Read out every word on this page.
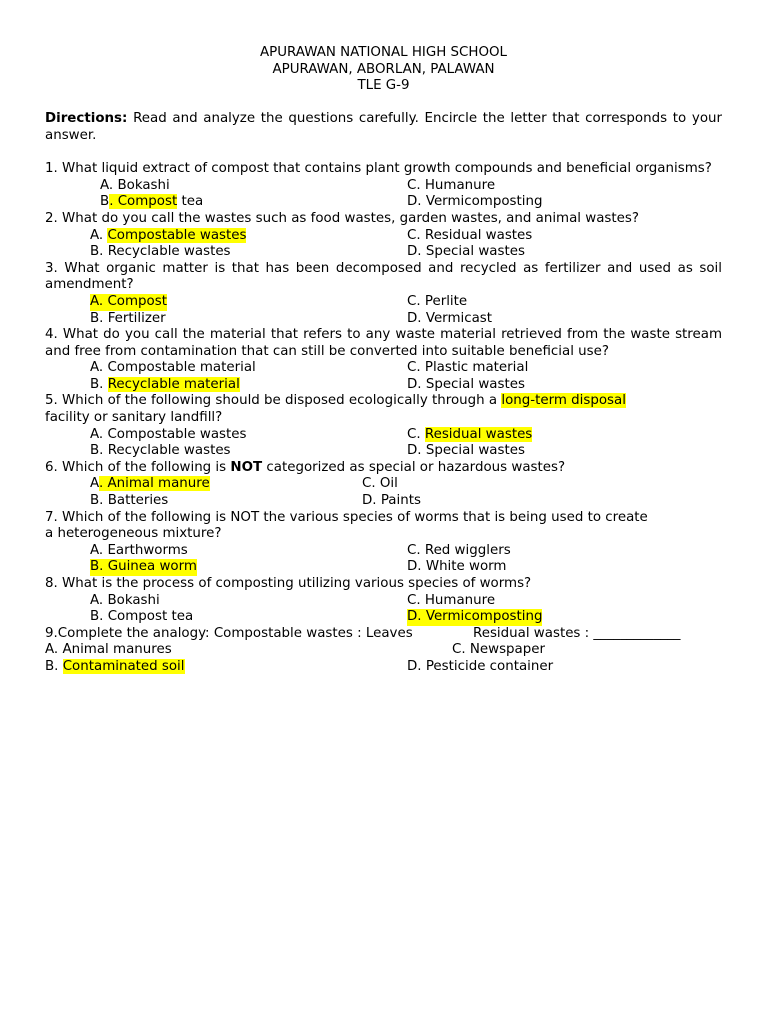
APURAWAN NATIONAL HIGH SCHOOL
APURAWAN, ABORLAN, PALAWAN
TLE G-9
Directions: Read and analyze the questions carefully. Encircle the letter that corresponds to your answer.
1. What liquid extract of compost that contains plant growth compounds and beneficial organisms?
A. Bokashi	C. Humanure
B. Compost tea	D. Vermicomposting
2. What do you call the wastes such as food wastes, garden wastes, and animal wastes?
A. Compostable wastes	C. Residual wastes
B. Recyclable wastes	D. Special wastes
3. What organic matter is that has been decomposed and recycled as fertilizer and used as soil amendment?
A. Compost	C. Perlite
B. Fertilizer	D. Vermicast
4. What do you call the material that refers to any waste material retrieved from the waste stream and free from contamination that can still be converted into suitable beneficial use?
A. Compostable material	C. Plastic material
B. Recyclable material	D. Special wastes
5. Which of the following should be disposed ecologically through a long-term disposal
facility or sanitary landfill?
A. Compostable wastes	C. Residual wastes
B. Recyclable wastes	D. Special wastes
6. Which of the following is NOT categorized as special or hazardous wastes?
A. Animal manure	C. Oil
B. Batteries	D. Paints
7. Which of the following is NOT the various species of worms that is being used to create
a heterogeneous mixture?
A. Earthworms	C. Red wigglers
B. Guinea worm	D. White worm
8. What is the process of composting utilizing various species of worms?
A. Bokashi	C. Humanure
B. Compost tea	D. Vermicomposting
9.Complete the analogy: Compostable wastes : Leaves	Residual wastes : _____________
A. Animal manures	C. Newspaper
B. Contaminated soil	D. Pesticide container
